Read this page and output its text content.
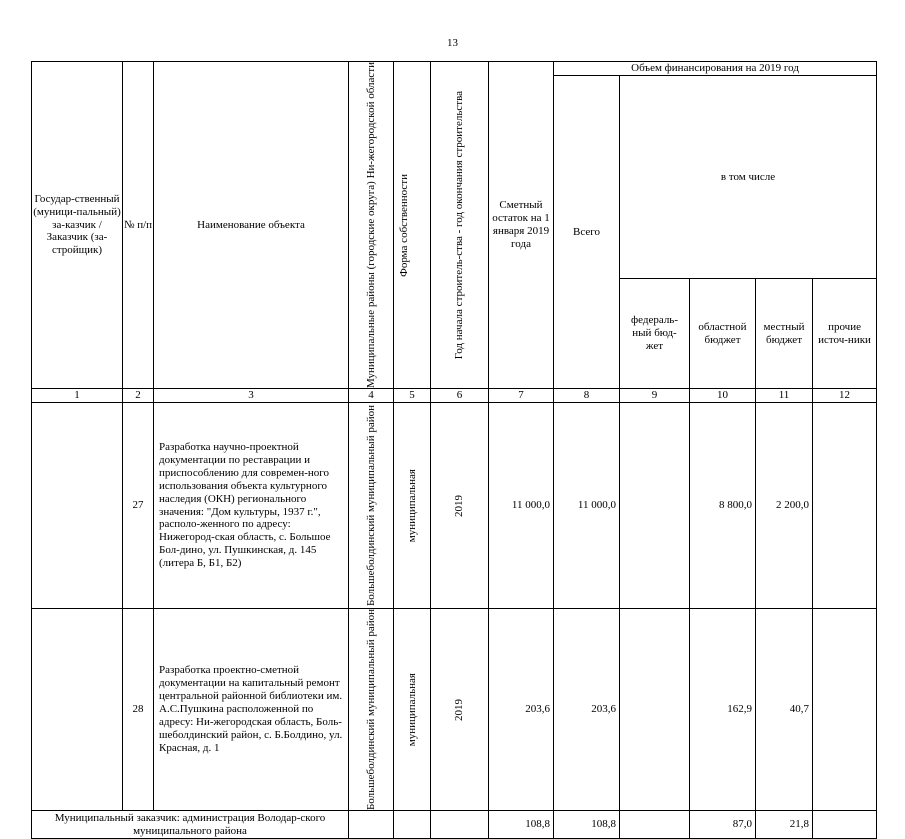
13
Государ-ственный (муници-пальный) за-казчик / Заказчик (за-стройщик)	№ п/п	Наименование объекта	Муниципальные районы (городские округа) Ни-жегородской области	Форма собственности	Год начала строитель-ства - год окончания строительства	Сметный остаток на 1 января 2019 года	Объем финансирования на 2019 год				
							Всего	в том числе			
								федераль-ный бюд-жет	областной бюджет	местный бюджет	прочие источ-ники
1	2	3	4	5	6	7	8	9	10	11	12
	27	Разработка научно-проектной документации по реставрации и приспособлению для современ-ного использования объекта культурного наследия (ОКН) регионального значения: "Дом культуры, 1937 г.", располо-женного по адресу: Нижегород-ская область, с. Большое Бол-дино, ул. Пушкинская, д. 145 (литера Б, Б1, Б2)	Большеболдинский муниципальный район	муниципальная	2019	11 000,0	11 000,0		8 800,0	2 200,0	
	28	Разработка проектно-сметной документации на капитальный ремонт центральной районной библиотеки им. А.С.Пушкина расположенной по адресу: Ни-жегородская область, Боль-шеболдинский район, с. Б.Болдино, ул. Красная, д. 1	Большеболдинский муниципальный район	муниципальная	2019	203,6	203,6		162,9	40,7	
Муниципальный заказчик: администрация Володар-ского муниципального района						108,8	108,8		87,0	21,8	
